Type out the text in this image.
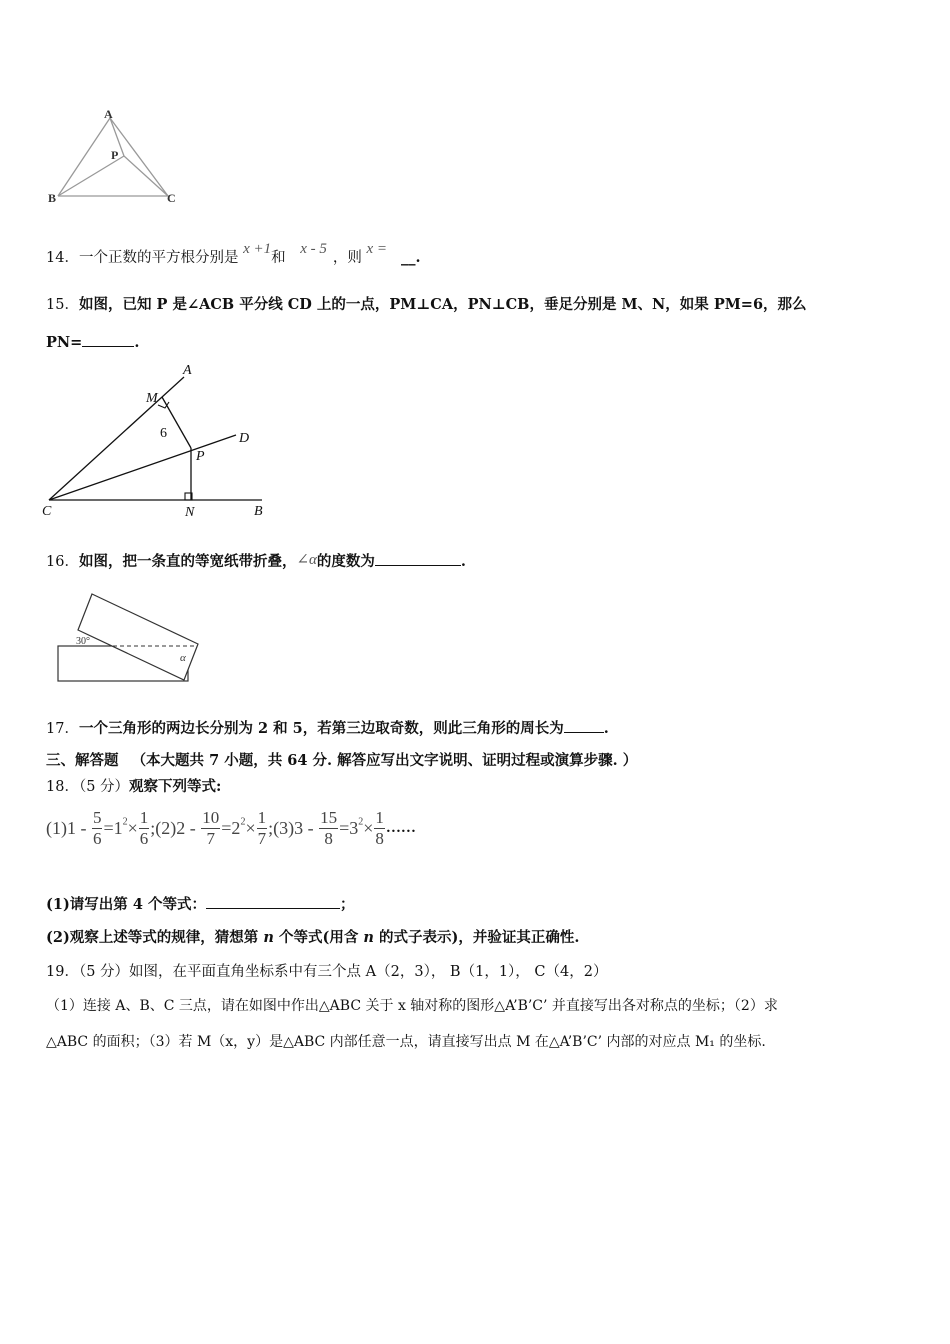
A
P
B	C
14．一个正数的平方根分别是 x +1和 x - 5，则 x = __.
15．如图，已知 P 是∠ACB 平分线 CD 上的一点，PM⊥CA，PN⊥CB，垂足分别是 M、N，如果 PM=6，那么
PN=	.
A
M
6	D
P
C	N	B
16．如图，把一条直的等宽纸带折叠，∠α的度数为	.
30°
α
17．一个三角形的两边长分别为 2 和 5，若第三边取奇数，则此三角形的周长为	.
三、解答题 （本大题共 7 小题，共 64 分. 解答应写出文字说明、证明过程或演算步骤. ）
18．（5 分）观察下列等式:
$(1)1 - \frac{5}{6} =1^2\times \frac{1}{6}$ ;(2)2 - $\frac{10}{7} =2^2\times \frac{1}{7}$ ;(3)3 - $\frac{15}{8} =3^2\times \frac{1}{8}$ ……
(1)请写出第 4 个等式：	；
(2)观察上述等式的规律，猜想第 n 个等式(用含 n 的式子表示)，并验证其正确性.
19．（5 分）如图，在平面直角坐标系中有三个点 A（2，3）， B（1，1）， C（4，2）
（1）连接 A、B、C 三点，请在如图中作出△ABC 关于 x 轴对称的图形△A’B’C’ 并直接写出各对称点的坐标；（2）求
△ABC 的面积；（3）若 M（x，y）是△ABC 内部任意一点，请直接写出点 M 在△A’B’C’ 内部的对应点 M₁ 的坐标.
